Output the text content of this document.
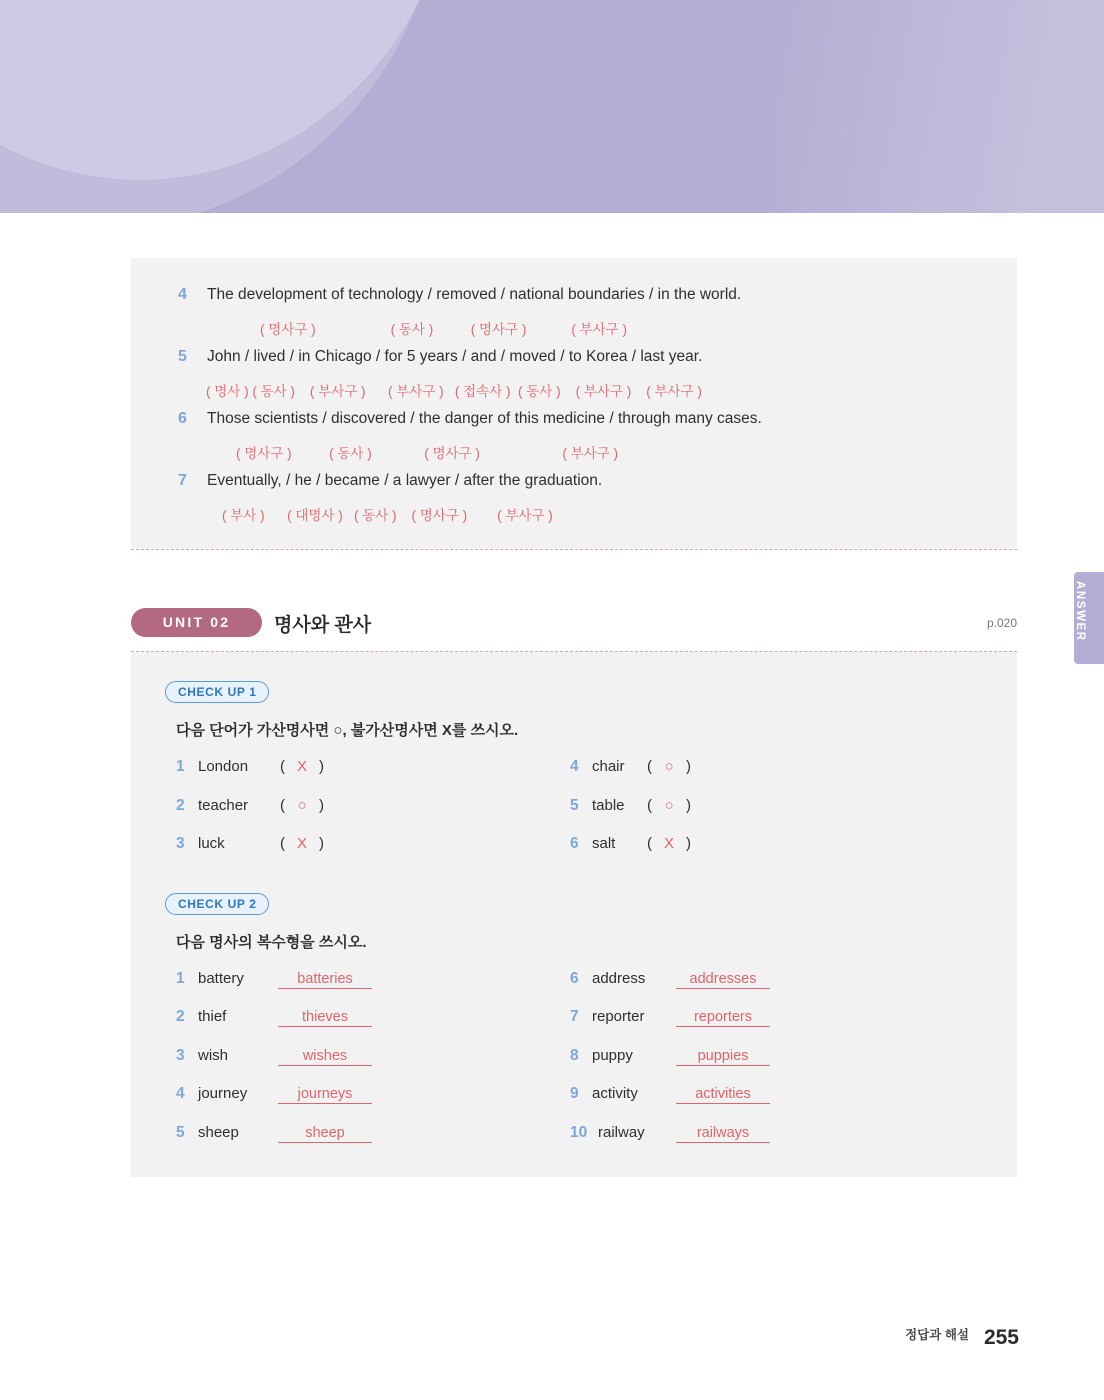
ANSWER
4 The development of technology / removed / national boundaries / in the world.
( 명사구 )                    ( 동사 )          ( 명사구 )            ( 부사구 )
5 John / lived / in Chicago / for 5 years / and / moved / to Korea / last year.
( 명사 ) ( 동사 )    ( 부사구 )      ( 부사구 )   ( 접속사 )  ( 동사 )    ( 부사구 )    ( 부사구 )
6 Those scientists / discovered / the danger of this medicine / through many cases.
( 명사구 )          ( 동사 )              ( 명사구 )                      ( 부사구 )
7 Eventually, / he / became / a lawyer / after the graduation.
( 부사 )      ( 대명사 )   ( 동사 )    ( 명사구 )        ( 부사구 )
UNIT 02	명사와 관사	p.020
CHECK UP 1
다음 단어가 가산명사면 ○, 불가산명사면 X를 쓰시오.
1 London ( X )
2 teacher ( ○ )
3 luck	( X )
4 chair ( ○ )
5 table ( ○ )
6 salt ( X )
CHECK UP 2
다음 명사의 복수형을 쓰시오.
1 battery	batteries
2 thief	thieves
3 wish	wishes
4 journey	journeys
5 sheep	sheep
6 address	addresses
7 reporter	reporters
8 puppy	puppies
9 activity	activities
10 railway	railways
정답과 해설 255
